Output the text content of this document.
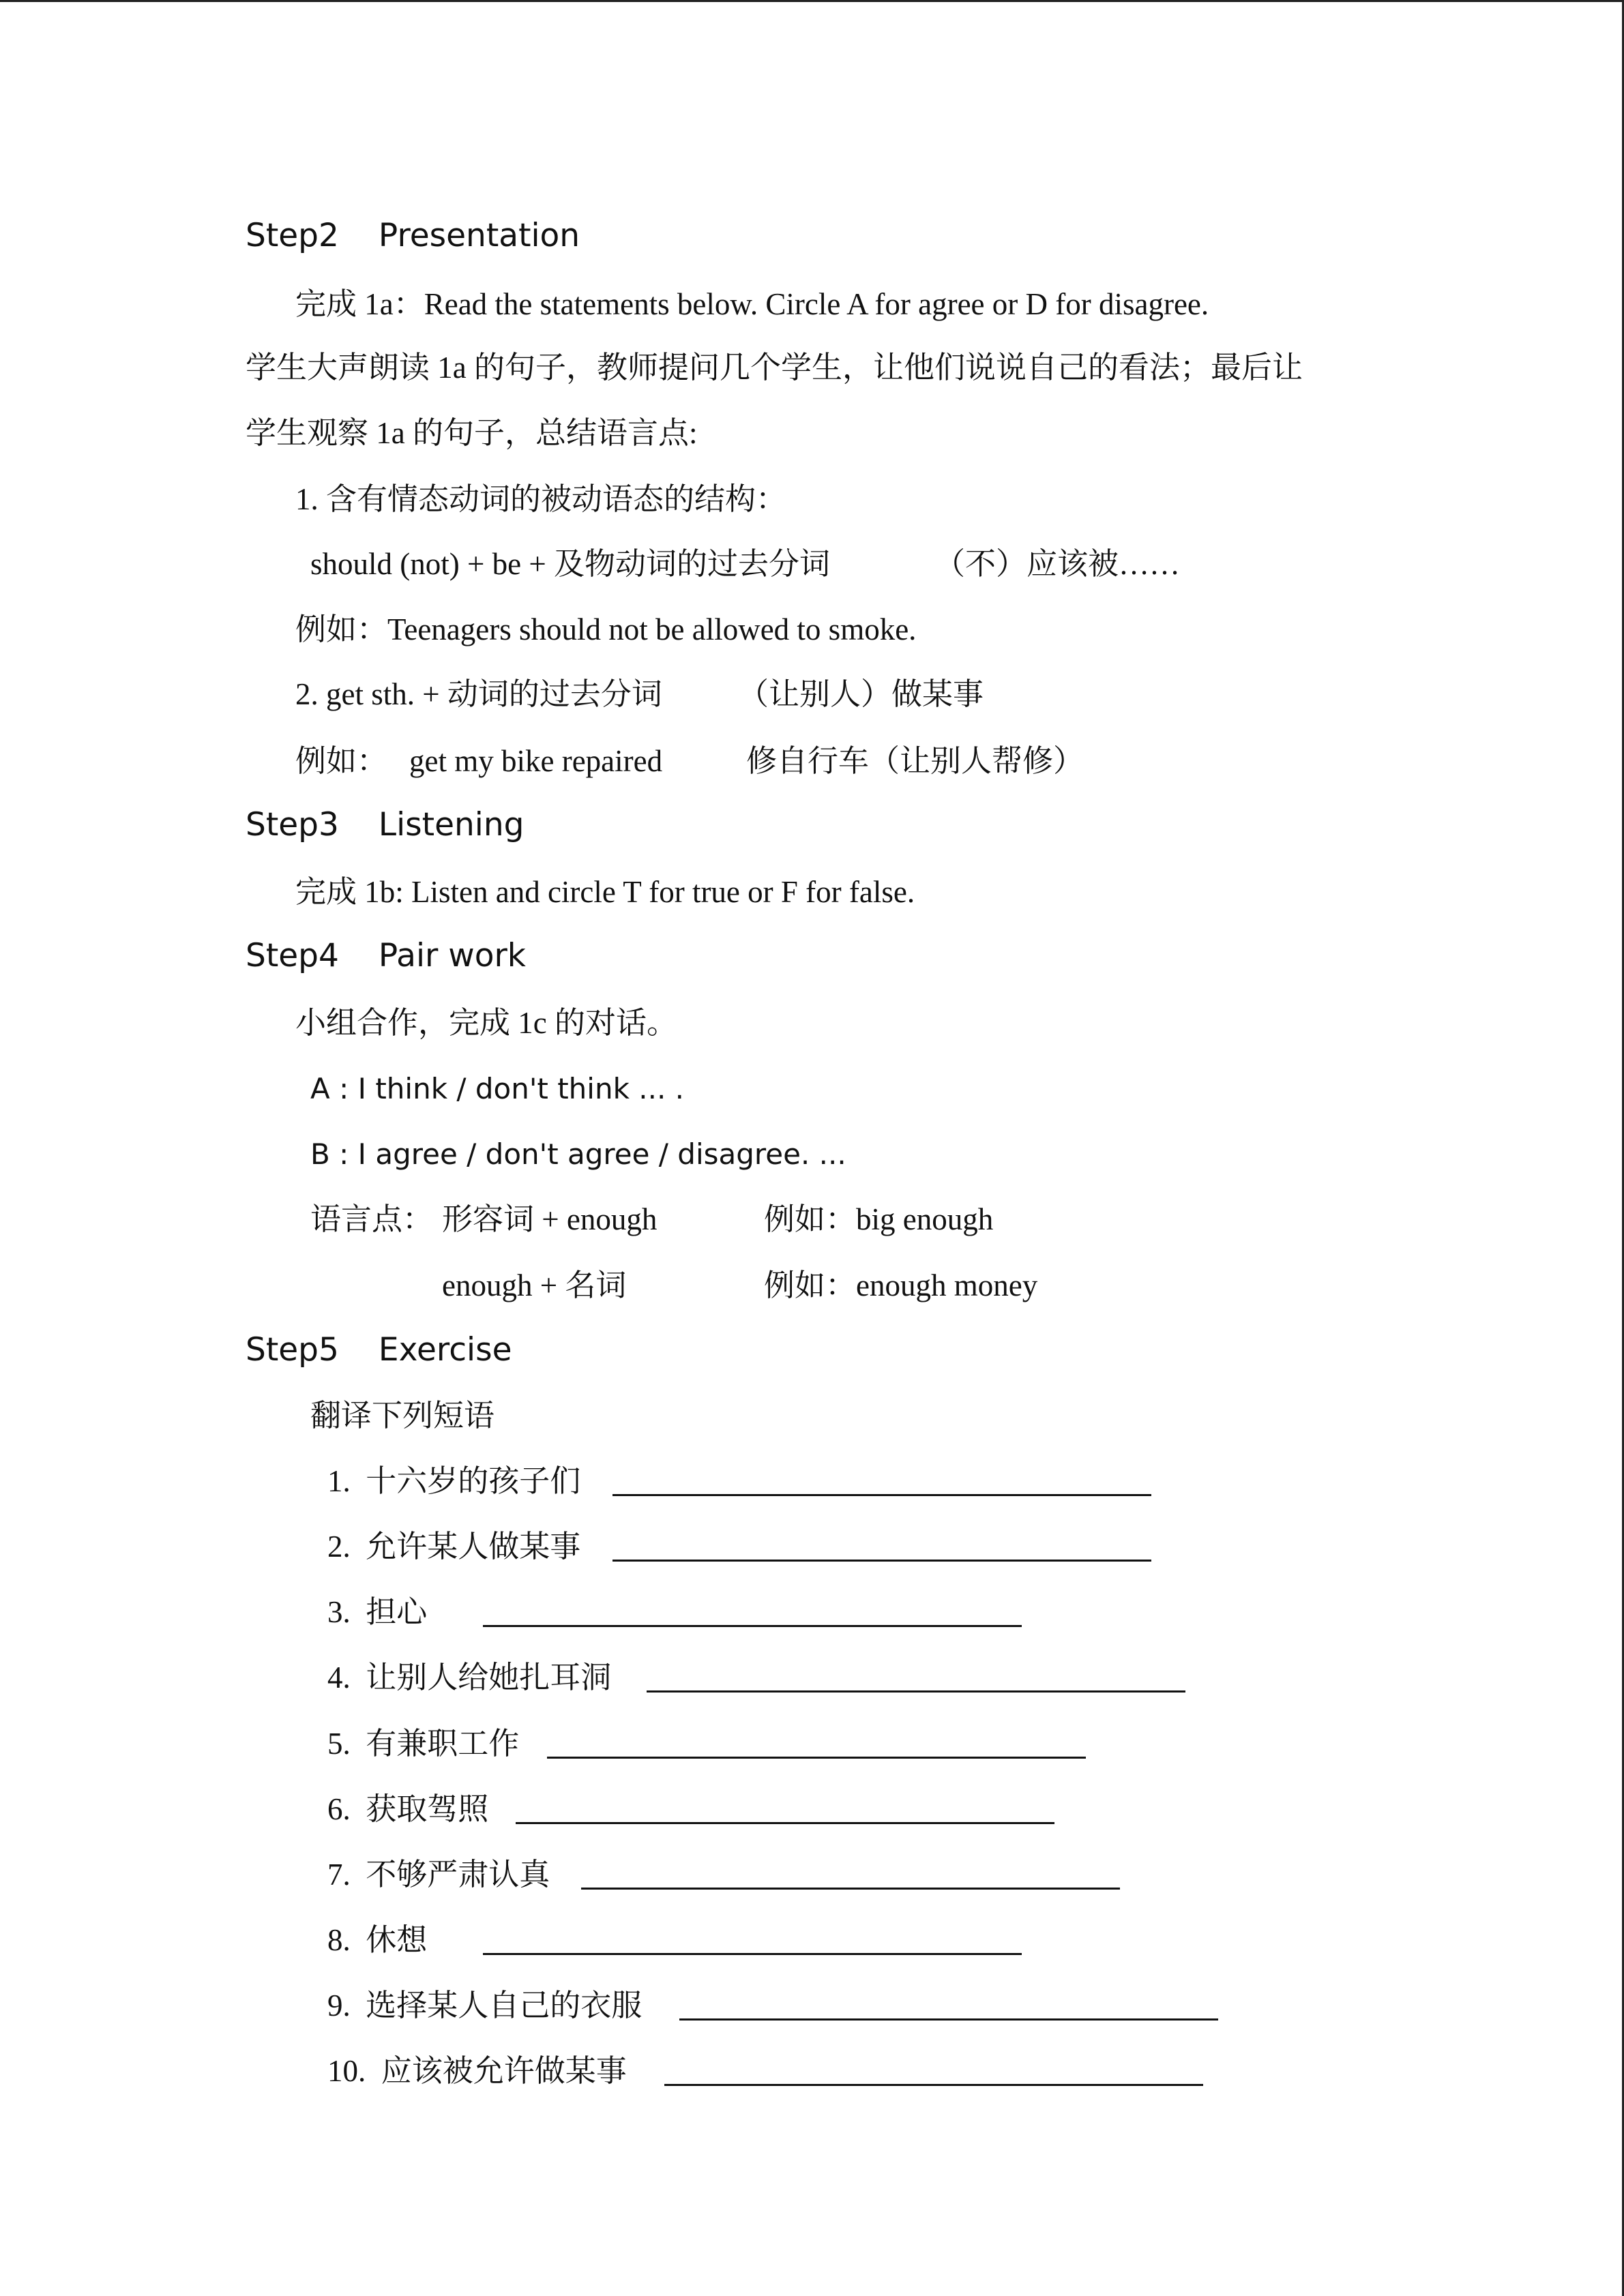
Step2 Presentation
完成 1a：Read the statements below. Circle A for agree or D for disagree.
学生大声朗读 1a 的句子，教师提问几个学生，让他们说说自己的看法；最后让
学生观察 1a 的句子，总结语言点:
1. 含有情态动词的被动语态的结构：
should (not) + be + 及物动词的过去分词	（不）应该被……
例如：Teenagers should not be allowed to smoke.
2. get sth. + 动词的过去分词 （让别人）做某事
例如： get my bike repaired	修自行车（让别人帮修）
Step3 Listening
完成 1b: Listen and circle T for true or F for false.
Step4 Pair work
小组合作，完成 1c 的对话。
A : I think / don't think ... .
B : I agree / don't agree / disagree. ...
语言点： 形容词 + enough	例如：big enough
enough + 名词	例如：enough money
Step5 Exercise
翻译下列短语
1. 十六岁的孩子们
2. 允许某人做某事
3. 担心
4. 让别人给她扎耳洞
5. 有兼职工作
6. 获取驾照
7. 不够严肃认真
8. 休想
9. 选择某人自己的衣服
10. 应该被允许做某事
